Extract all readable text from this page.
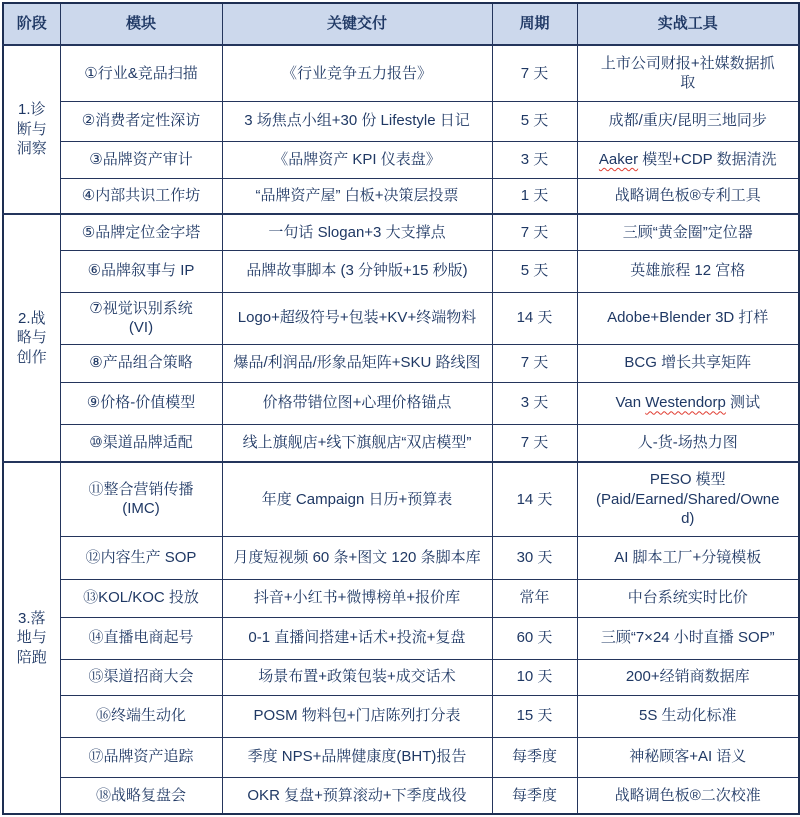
阶段	模块	关键交付	周期	实战工具
1.诊断与洞察	①行业&竞品扫描	《行业竞争五力报告》	7 天	上市公司财报+社媒数据抓取
	②消费者定性深访	3 场焦点小组+30 份 Lifestyle 日记	5 天	成都/重庆/昆明三地同步
	③品牌资产审计	《品牌资产 KPI 仪表盘》	3 天	Aaker 模型+CDP 数据清洗
	④内部共识工作坊	“品牌资产屋” 白板+决策层投票	1 天	战略调色板®专利工具
2.战略与创作	⑤品牌定位金字塔	一句话 Slogan+3 大支撑点	7 天	三顾“黄金圈”定位器
	⑥品牌叙事与 IP	品牌故事脚本 (3 分钟版+15 秒版)	5 天	英雄旅程 12 宫格
	⑦视觉识别系统 (VI)	Logo+超级符号+包装+KV+终端物料	14 天	Adobe+Blender 3D 打样
	⑧产品组合策略	爆品/利润品/形象品矩阵+SKU 路线图	7 天	BCG 增长共享矩阵
	⑨价格-价值模型	价格带错位图+心理价格锚点	3 天	Van Westendorp 测试
	⑩渠道品牌适配	线上旗舰店+线下旗舰店“双店模型”	7 天	人-货-场热力图
3.落地与陪跑	⑪整合营销传播 (IMC)	年度 Campaign 日历+预算表	14 天	PESO 模型 (Paid/Earned/Shared/Owned)
	⑫内容生产 SOP	月度短视频 60 条+图文 120 条脚本库	30 天	AI 脚本工厂+分镜模板
	⑬KOL/KOC 投放	抖音+小红书+微博榜单+报价库	常年	中台系统实时比价
	⑭直播电商起号	0-1 直播间搭建+话术+投流+复盘	60 天	三顾“7×24 小时直播 SOP”
	⑮渠道招商大会	场景布置+政策包装+成交话术	10 天	200+经销商数据库
	⑯终端生动化	POSM 物料包+门店陈列打分表	15 天	5S 生动化标准
	⑰品牌资产追踪	季度 NPS+品牌健康度(BHT)报告	每季度	神秘顾客+AI 语义
	⑱战略复盘会	OKR 复盘+预算滚动+下季度战役	每季度	战略调色板®二次校准
